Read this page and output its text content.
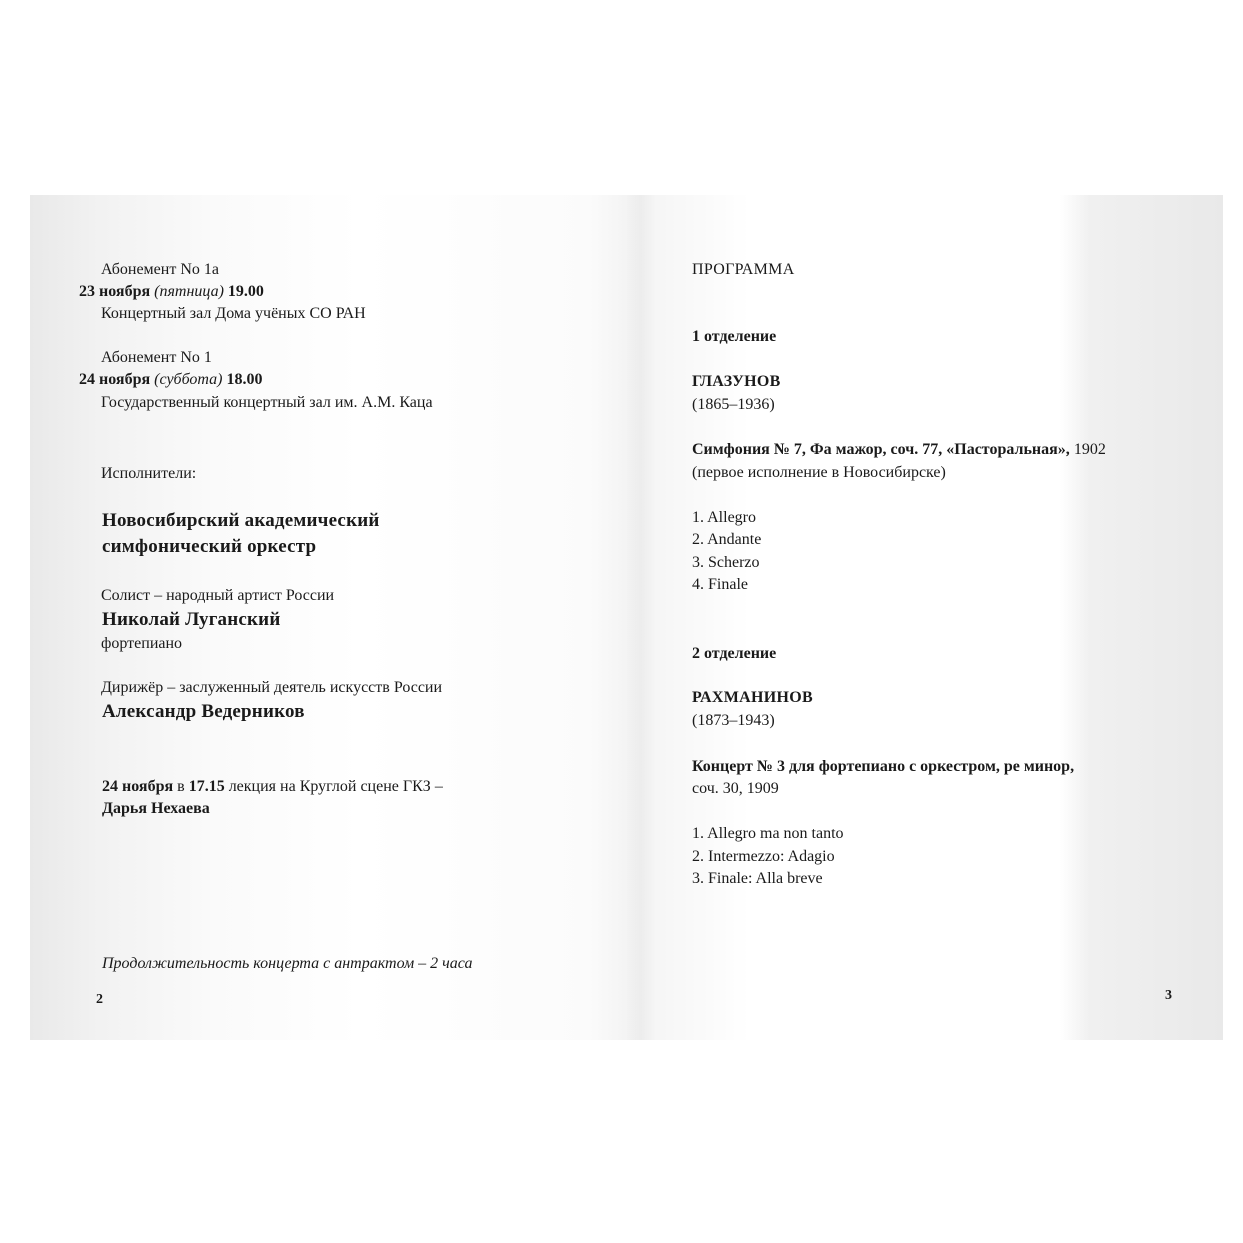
Абонемент No 1а
23 ноября (пятница) 19.00
Концертный зал Дома учёных СО РАН
Абонемент No 1
24 ноября (суббота) 18.00
Государственный концертный зал им. А.М. Каца
Исполнители:
Новосибирский академический
симфонический оркестр
Солист – народный артист России
Николай Луганский
фортепиано
Дирижёр – заслуженный деятель искусств России
Александр Ведерников
24 ноября в 17.15 лекция на Круглой сцене ГКЗ –
Дарья Нехаева
Продолжительность концерта с антрактом – 2 часа
2
ПРОГРАММА
1 отделение
ГЛАЗУНОВ
(1865–1936)
Симфония № 7, Фа мажор, соч. 77, «Пасторальная», 1902
(первое исполнение в Новосибирске)
1. Allegro
2. Andante
3. Scherzo
4. Finale
2 отделение
РАХМАНИНОВ
(1873–1943)
Концерт № 3 для фортепиано с оркестром, ре минор,
соч. 30, 1909
1. Allegro ma non tanto
2. Intermezzo: Adagio
3. Finale: Alla breve
3
